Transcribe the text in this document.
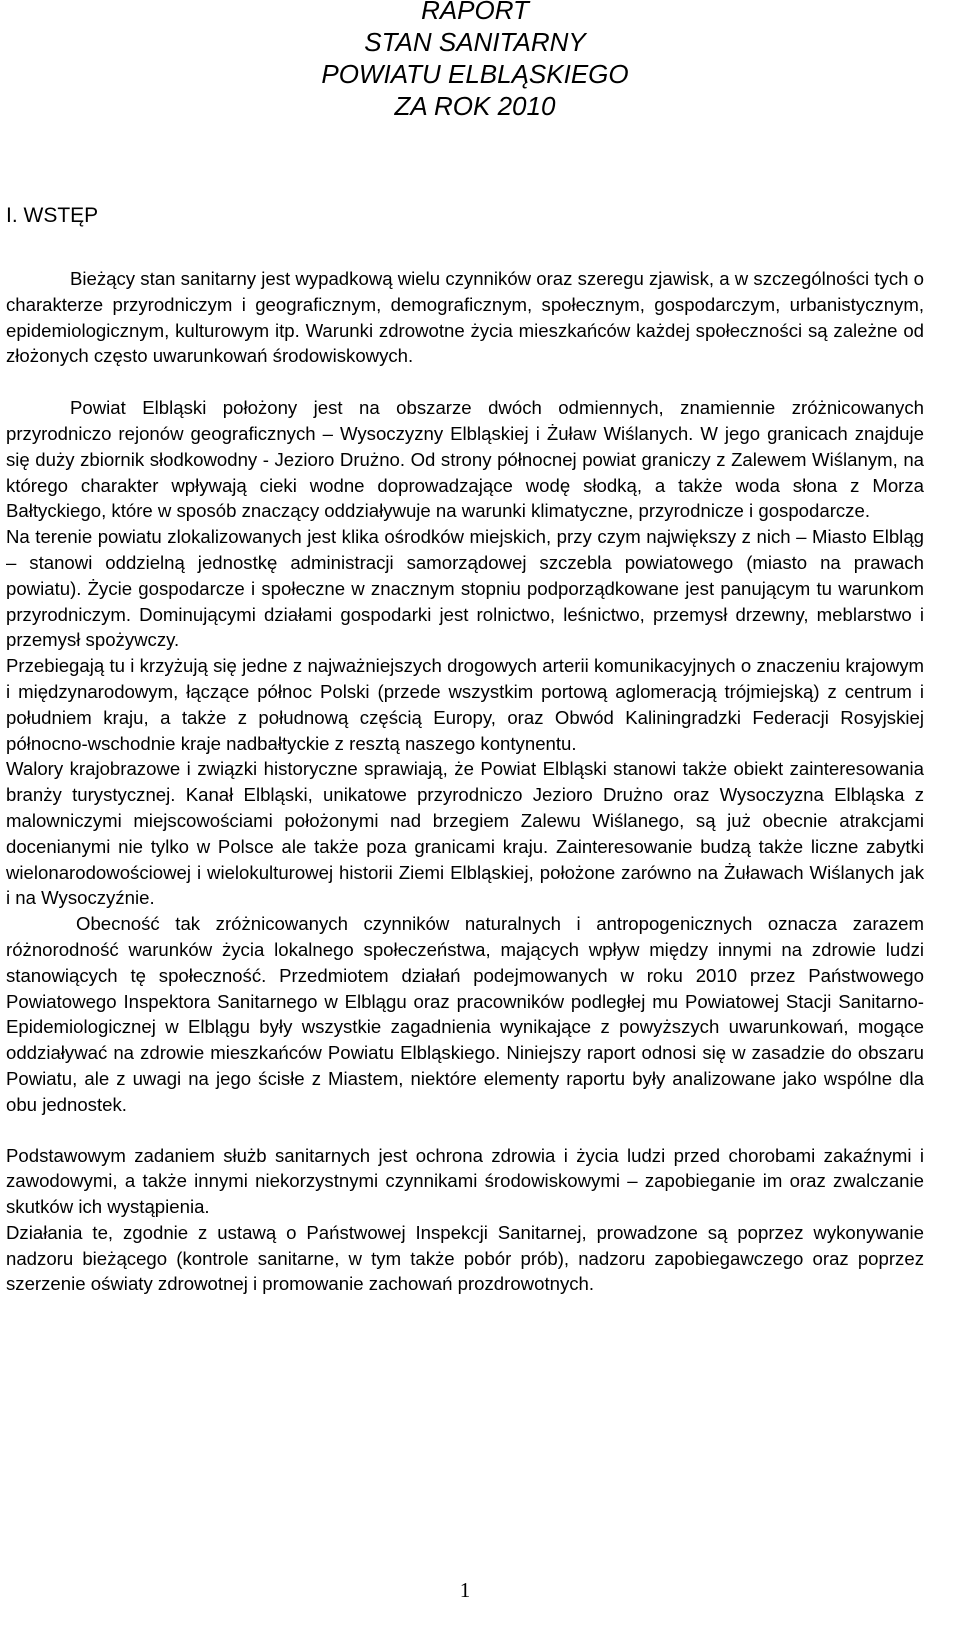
RAPORT
STAN SANITARNY
POWIATU ELBLĄSKIEGO
ZA ROK 2010
I. WSTĘP

Bieżący stan sanitarny jest wypadkową wielu czynników oraz szeregu zjawisk, a w szczególności tych o charakterze przyrodniczym i geograficznym, demograficznym, społecznym, gospodarczym, urbanistycznym, epidemiologicznym, kulturowym itp. Warunki zdrowotne życia mieszkańców każdej społeczności są zależne od złożonych często uwarunkowań środowiskowych.

Powiat Elbląski położony jest na obszarze dwóch odmiennych, znamiennie zróżnicowanych przyrodniczo rejonów geograficznych – Wysoczyzny Elbląskiej i Żuław Wiślanych. W jego granicach znajduje się duży zbiornik słodkowodny - Jezioro Drużno. Od strony północnej powiat graniczy z Zalewem Wiślanym, na którego charakter wpływają cieki wodne doprowadzające wodę słodką, a także woda słona z Morza Bałtyckiego, które w sposób znaczący oddziaływuje na warunki klimatyczne, przyrodnicze i gospodarcze.

Na terenie powiatu zlokalizowanych jest klika ośrodków miejskich, przy czym największy z nich – Miasto Elbląg – stanowi oddzielną jednostkę administracji samorządowej szczebla powiatowego (miasto na prawach powiatu). Życie gospodarcze i społeczne w znacznym stopniu podporządkowane jest panującym tu warunkom przyrodniczym. Dominującymi działami gospodarki jest rolnictwo, leśnictwo, przemysł drzewny, meblarstwo i przemysł spożywczy.

Przebiegają tu i krzyżują się jedne z najważniejszych drogowych arterii komunikacyjnych o znaczeniu krajowym i międzynarodowym, łączące północ Polski (przede wszystkim portową aglomeracją trójmiejską) z centrum i południem kraju, a także z połudnową częścią Europy, oraz Obwód Kaliningradzki Federacji Rosyjskiej północno-wschodnie kraje nadbałtyckie z resztą naszego kontynentu.

Walory krajobrazowe i związki historyczne sprawiają, że Powiat Elbląski stanowi także obiekt zainteresowania branży turystycznej. Kanał Elbląski, unikatowe przyrodniczo Jezioro Drużno oraz Wysoczyzna Elbląska z malowniczymi miejscowościami położonymi nad brzegiem Zalewu Wiślanego, są już obecnie atrakcjami docenianymi nie tylko w Polsce ale także poza granicami kraju. Zainteresowanie budzą także liczne zabytki wielonarodowościowej i wielokulturowej historii Ziemi Elbląskiej, położone zarówno na Żuławach Wiślanych jak i na Wysoczyźnie.

Obecność tak zróżnicowanych czynników naturalnych i antropogenicznych oznacza zarazem różnorodność warunków życia lokalnego społeczeństwa, mających wpływ między innymi na zdrowie ludzi stanowiących tę społeczność. Przedmiotem działań podejmowanych w roku 2010 przez Państwowego Powiatowego Inspektora Sanitarnego w Elblągu oraz pracowników podległej mu Powiatowej Stacji Sanitarno-Epidemiologicznej w Elblągu były wszystkie zagadnienia wynikające z powyższych uwarunkowań, mogące oddziaływać na zdrowie mieszkańców Powiatu Elbląskiego. Niniejszy raport odnosi się w zasadzie do obszaru Powiatu, ale z uwagi na jego ścisłe z Miastem, niektóre elementy raportu były analizowane jako wspólne dla obu jednostek.

Podstawowym zadaniem służb sanitarnych jest ochrona zdrowia i życia ludzi przed chorobami zakaźnymi i zawodowymi, a także innymi niekorzystnymi czynnikami środowiskowymi – zapobieganie im oraz zwalczanie skutków ich wystąpienia.

Działania te, zgodnie z ustawą o Państwowej Inspekcji Sanitarnej, prowadzone są poprzez wykonywanie nadzoru bieżącego (kontrole sanitarne, w tym także pobór prób), nadzoru zapobiegawczego oraz poprzez szerzenie oświaty zdrowotnej i promowanie zachowań prozdrowotnych.

1
